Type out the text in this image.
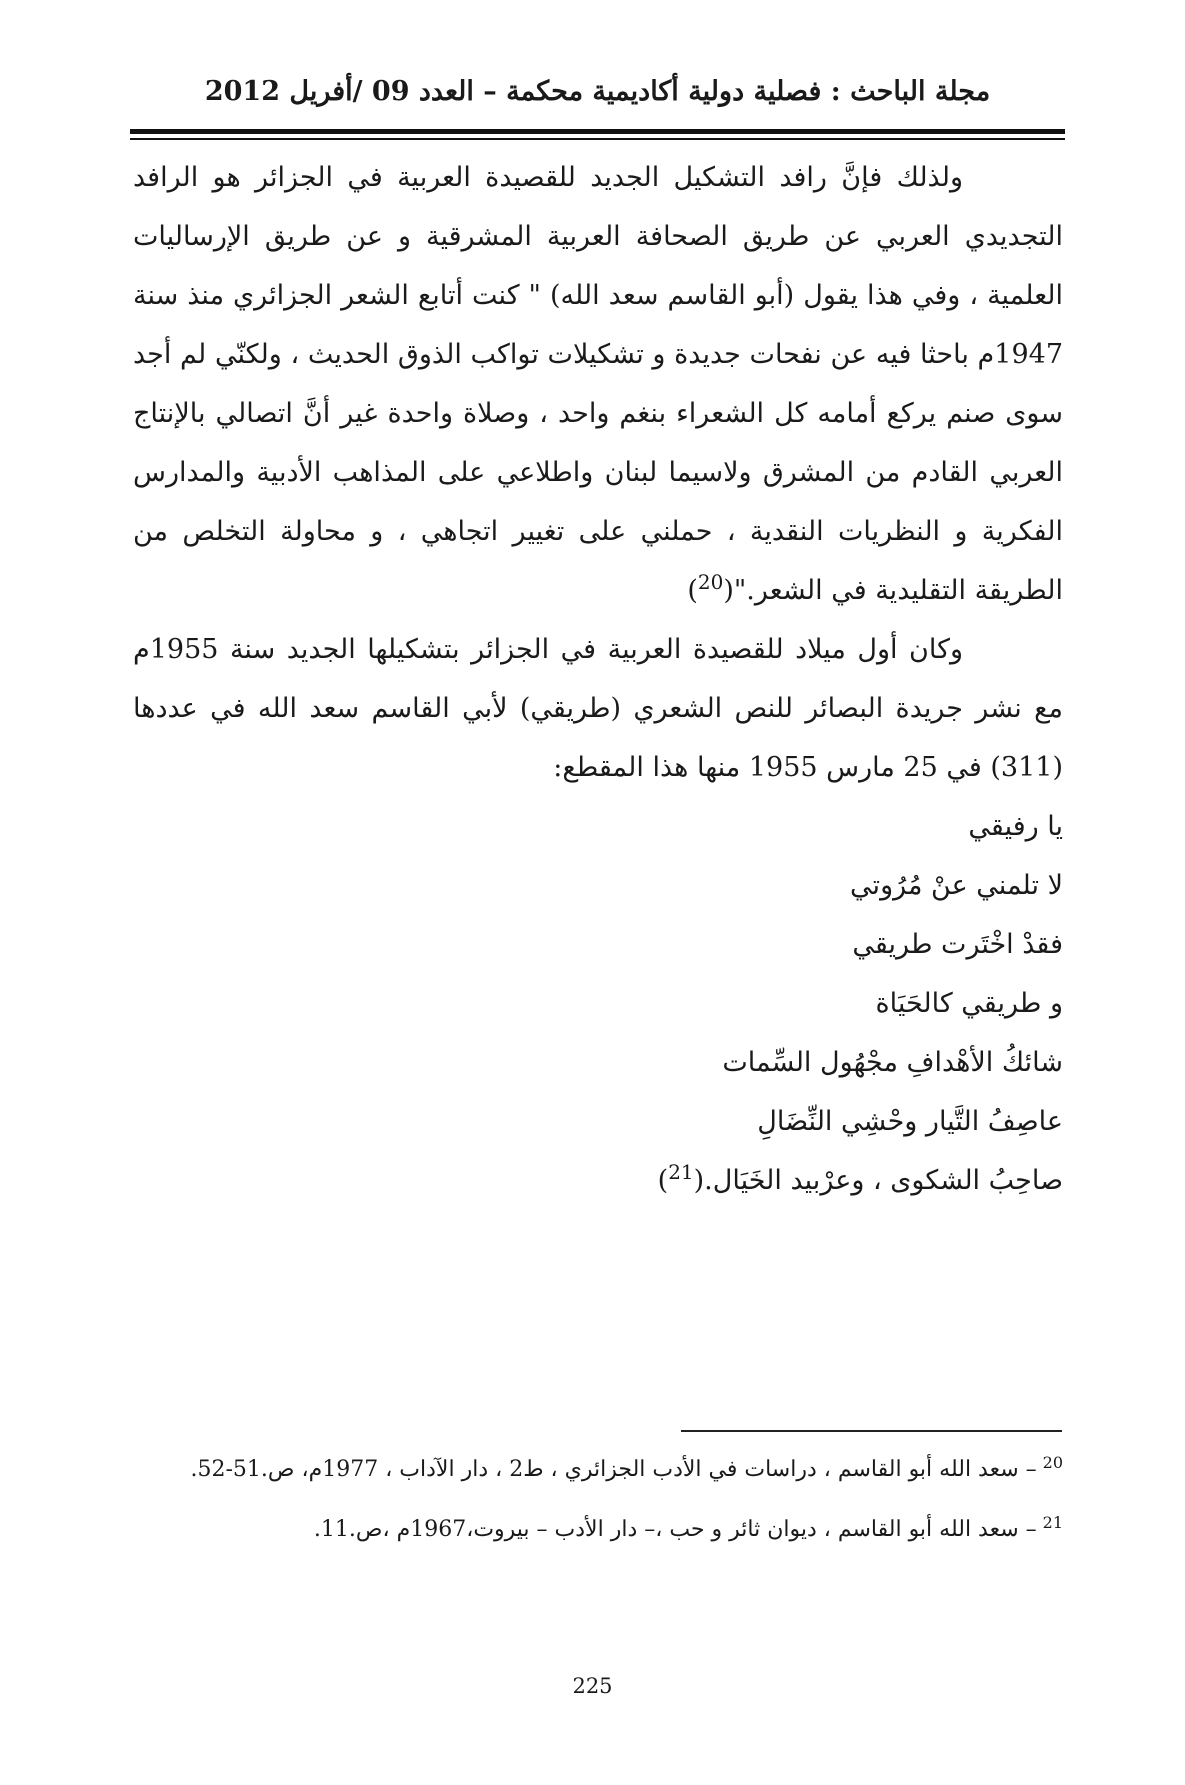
مجلة الباحث : فصلية دولية أكاديمية محكمة – العدد 09 /أفريل 2012

ولذلك فإنَّ رافد التشكيل الجديد للقصيدة العربية في الجزائر هو الرافد التجديدي العربي عن طريق الصحافة العربية المشرقية و عن طريق الإرساليات العلمية ، وفي هذا يقول (أبو القاسم سعد الله) " كنت أتابع الشعر الجزائري منذ سنة 1947م باحثا فيه عن نفحات جديدة و تشكيلات تواكب الذوق الحديث ، ولكنّي لم أجد سوى صنم يركع أمامه كل الشعراء بنغم واحد ، وصلاة واحدة غير أنَّ اتصالي بالإنتاج العربي القادم من المشرق ولاسيما لبنان واطلاعي على المذاهب الأدبية والمدارس الفكرية و النظريات النقدية ، حملني على تغيير اتجاهي ، و محاولة التخلص من الطريقة التقليدية في الشعر."($^{20}$)

وكان أول ميلاد للقصيدة العربية في الجزائر بتشكيلها الجديد سنة 1955م مع نشر جريدة البصائر للنص الشعري (طريقي) لأبي القاسم سعد الله في عددها (311) في 25 مارس 1955 منها هذا المقطع:

يا رفيقي

لا تلمني عنْ مُرُوتي

فقدْ اخْتَرت طريقي

و طريقي كالحَيَاة

شائكُ الأهْدافِ مجْهُول السِّمات

عاصِفُ التَّيار وحْشِي النِّضَالِ

صاحِبُ الشكوى ، وعرْبيد الخَيَال.($^{21}$)

$^{20}$– سعد الله أبو القاسم ، دراسات في الأدب الجزائري ، ط2 ، دار الآداب ، 1977م، ص.51-52.

$^{21}$– سعد الله أبو القاسم ، ديوان ثائر و حب ،– دار الأدب – بيروت،1967م ،ص.11.

225
